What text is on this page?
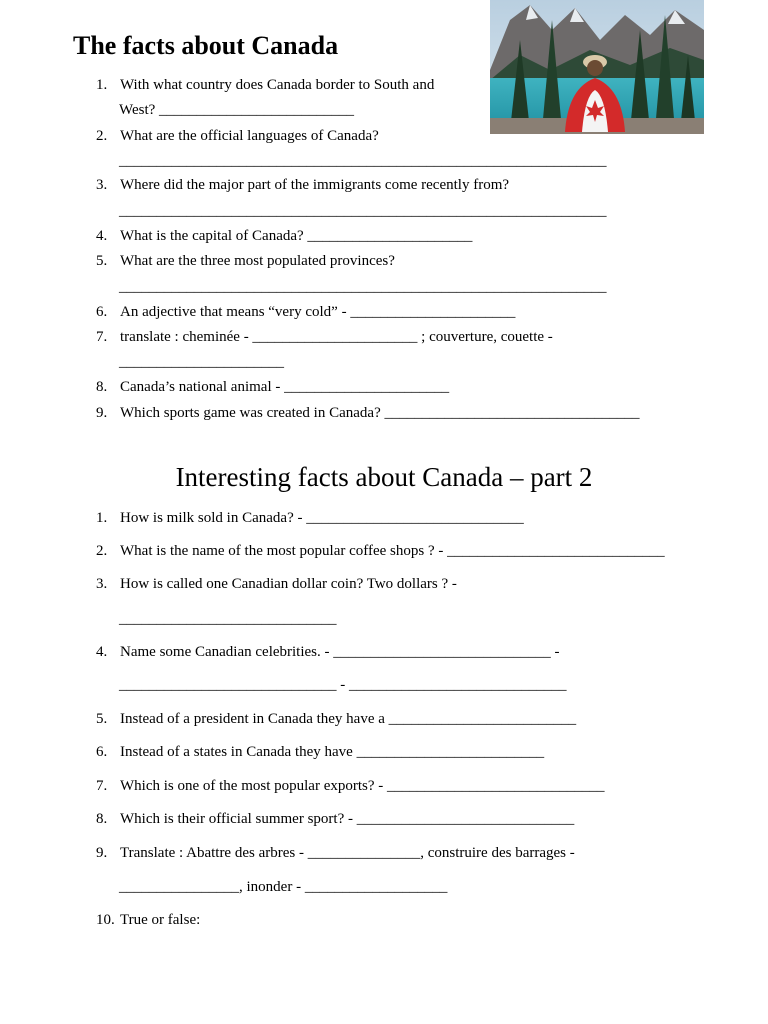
The facts about Canada
1. With what country does Canada border to South and
West? __________________________
2. What are the official languages of Canada?
_________________________________________________________________
3. Where did the major part of the immigrants come recently from?
_________________________________________________________________
4. What is the capital of Canada? ______________________
5. What are the three most populated provinces?
_________________________________________________________________
6. An adjective that means “very cold” - ______________________
7. translate : cheminée - ______________________ ; couverture, couette -
______________________
8. Canada’s national animal - ______________________
9. Which sports game was created in Canada? __________________________________
Interesting facts about Canada – part 2
1. How is milk sold in Canada? - _____________________________
2. What is the name of the most popular coffee shops ? - _____________________________
3. How is called one Canadian dollar coin? Two dollars ? -
_____________________________
4. Name some Canadian celebrities. - _____________________________ -
_____________________________ - _____________________________
5. Instead of a president in Canada they have a _________________________
6. Instead of a states in Canada they have _________________________
7. Which is one of the most popular exports? - _____________________________
8. Which is their official summer sport? - _____________________________
9. Translate : Abattre des arbres - _______________, construire des barrages -
________________, inonder - ___________________
10. True or false:
